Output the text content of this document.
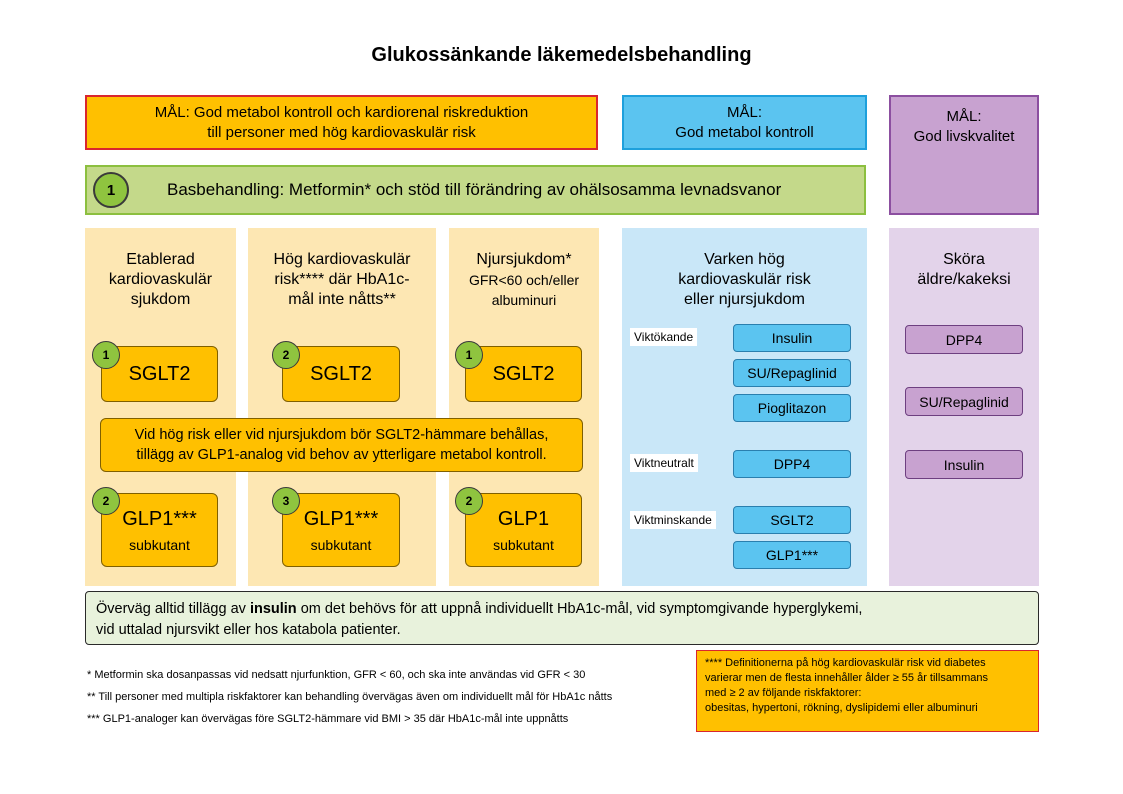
Glukossänkande läkemedelsbehandling
MÅL: God metabol kontroll och kardiorenal riskreduktion
till personer med hög kardiovaskulär risk
MÅL:
God metabol kontroll
MÅL:
God livskvalitet
1	Basbehandling: Metformin* och stöd till förändring av ohälsosamma levnadsvanor
Etablerad
kardiovaskulär
sjukdom
SGLT2
1
GLP1***
subkutant
2
Hög kardiovaskulär
risk**** där HbA1c-
mål inte nåtts**
SGLT2
2
GLP1***
subkutant
3
Njursjukdom*
GFR<60 och/eller
albuminuri
SGLT2
1
GLP1
subkutant
2
Vid hög risk eller vid njursjukdom bör SGLT2-hämmare behållas,
tillägg av GLP1-analog vid behov av ytterligare metabol kontroll.
Varken hög
kardiovaskulär risk
eller njursjukdom
Viktökande	Insulin
SU/Repaglinid
Pioglitazon
Viktneutralt	DPP4
Viktminskande	SGLT2
GLP1***
Sköra
äldre/kakeksi
DPP4
SU/Repaglinid
Insulin
Överväg alltid tillägg av insulin om det behövs för att uppnå individuellt HbA1c-mål, vid symptomgivande hyperglykemi,
vid uttalad njursvikt eller hos katabola patienter.
* Metformin ska dosanpassas vid nedsatt njurfunktion, GFR < 60, och ska inte användas vid GFR < 30
** Till personer med multipla riskfaktorer kan behandling övervägas även om individuellt mål för HbA1c nåtts
*** GLP1-analoger kan övervägas före SGLT2-hämmare vid BMI > 35 där HbA1c-mål inte uppnåtts
**** Definitionerna på hög kardiovaskulär risk vid diabetes
varierar men de flesta innehåller ålder ≥ 55 år tillsammans
med ≥ 2 av följande riskfaktorer:
obesitas, hypertoni, rökning, dyslipidemi eller albuminuri
